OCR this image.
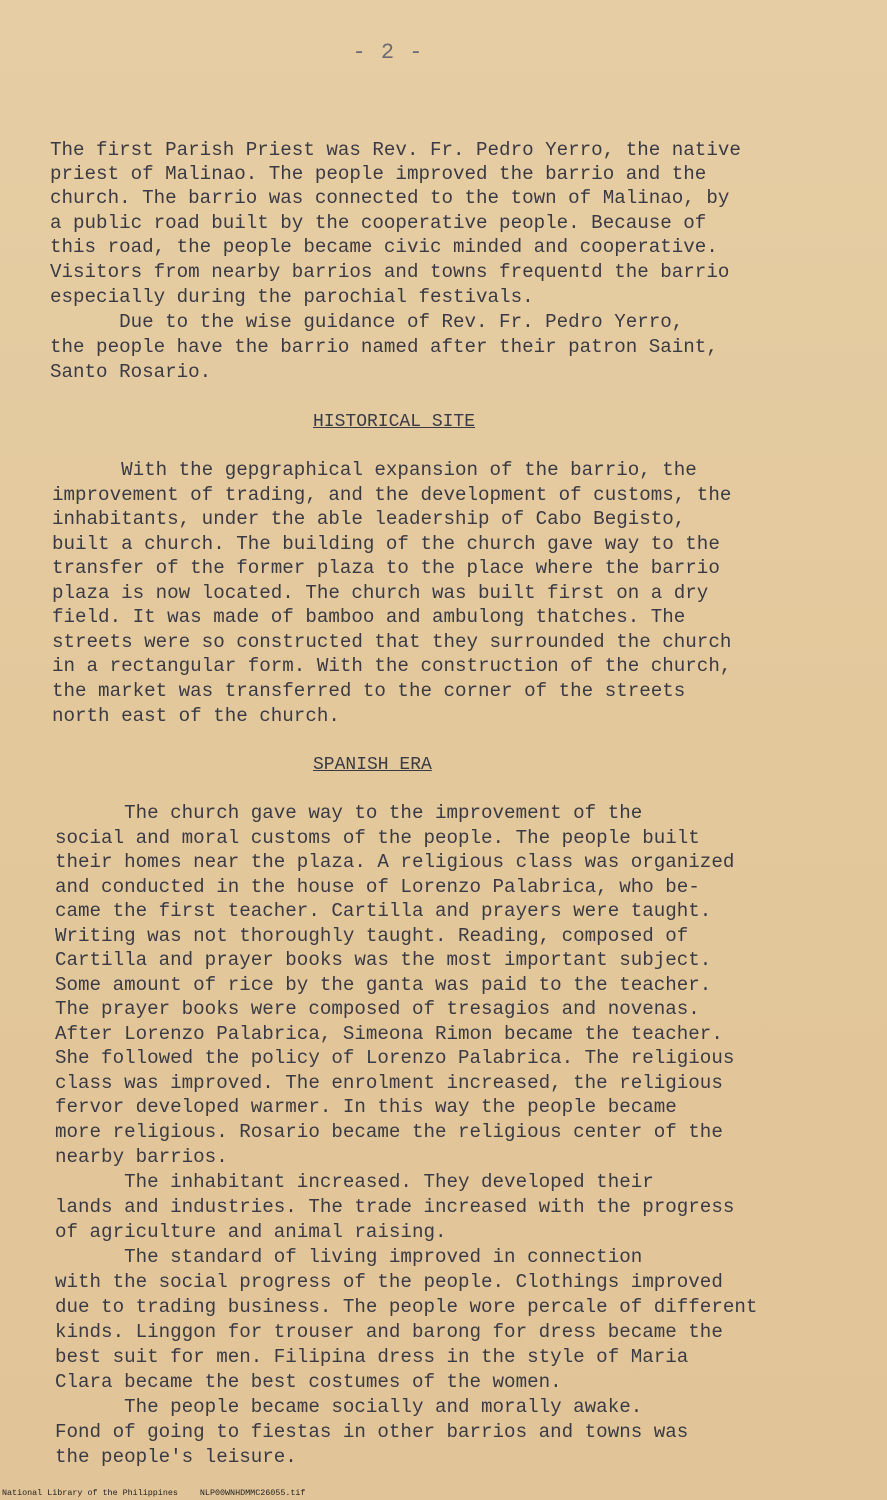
- 2 -
The first Parish Priest was Rev. Fr. Pedro Yerro, the native
priest of Malinao. The people improved the barrio and the
church. The barrio was connected to the town of Malinao, by
a public road built by the cooperative people. Because of
this road, the people became civic minded and cooperative.
Visitors from nearby barrios and towns frequentd the barrio
especially during the parochial festivals.
Due to the wise guidance of Rev. Fr. Pedro Yerro,
the people have the barrio named after their patron Saint,
Santo Rosario.
HISTORICAL SITE
With the gepgraphical expansion of the barrio, the
improvement of trading, and the development of customs, the
inhabitants, under the able leadership of Cabo Begisto,
built a church. The building of the church gave way to the
transfer of the former plaza to the place where the barrio
plaza is now located. The church was built first on a dry
field. It was made of bamboo and ambulong thatches. The
streets were so constructed that they surrounded the church
in a rectangular form. With the construction of the church,
the market was transferred to the corner of the streets
north east of the church.
SPANISH ERA
The church gave way to the improvement of the
social and moral customs of the people. The people built
their homes near the plaza. A religious class was organized
and conducted in the house of Lorenzo Palabrica, who be-
came the first teacher. Cartilla and prayers were taught.
Writing was not thoroughly taught. Reading, composed of
Cartilla and prayer books was the most important subject.
Some amount of rice by the ganta was paid to the teacher.
The prayer books were composed of tresagios and novenas.
After Lorenzo Palabrica, Simeona Rimon became the teacher.
She followed the policy of Lorenzo Palabrica. The religious
class was improved. The enrolment increased, the religious
fervor developed warmer. In this way the people became
more religious. Rosario became the religious center of the
nearby barrios.
The inhabitant increased. They developed their
lands and industries. The trade increased with the progress
of agriculture and animal raising.
The standard of living improved in connection
with the social progress of the people. Clothings improved
due to trading business. The people wore percale of different
kinds. Linggon for trouser and barong for dress became the
best suit for men. Filipina dress in the style of Maria
Clara became the best costumes of the women.
The people became socially and morally awake.
Fond of going to fiestas in other barrios and towns was
the people's leisure.
National Library of the Philippines	NLP00WNHDMMC26055.tif
